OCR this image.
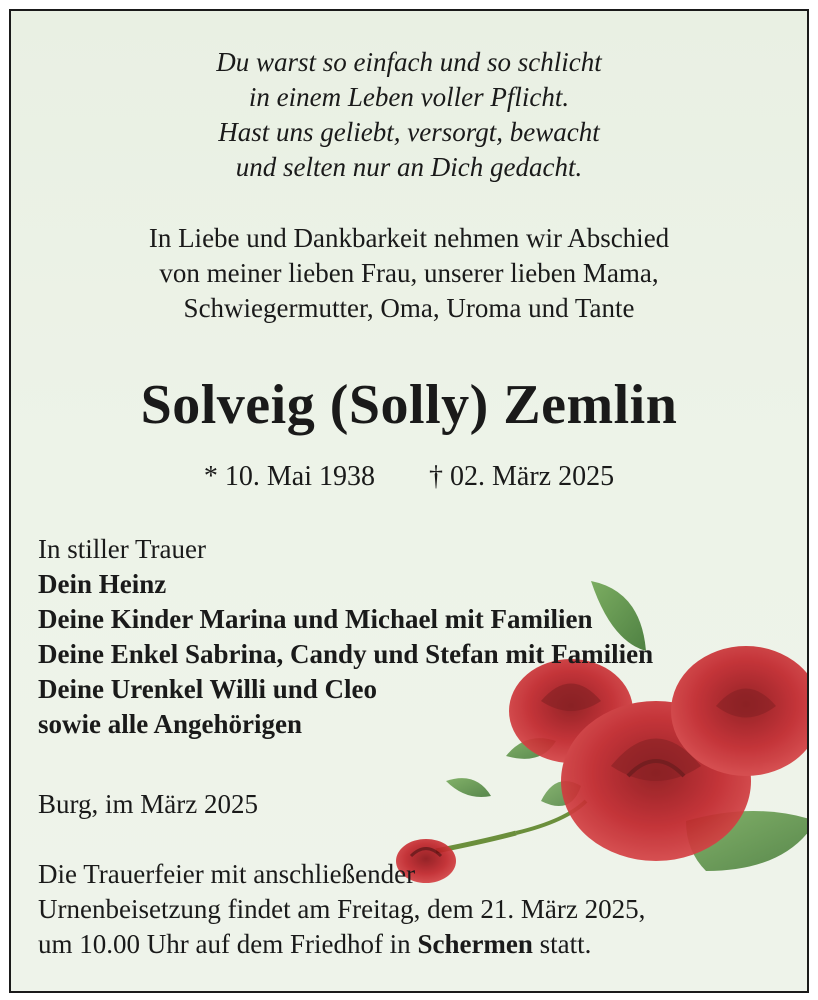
Du warst so einfach und so schlicht
in einem Leben voller Pflicht.
Hast uns geliebt, versorgt, bewacht
und selten nur an Dich gedacht.
In Liebe und Dankbarkeit nehmen wir Abschied
von meiner lieben Frau, unserer lieben Mama,
Schwiegermutter, Oma, Uroma und Tante
Solveig (Solly) Zemlin
* 10. Mai 1938 † 02. März 2025
In stiller Trauer
Dein Heinz
Deine Kinder Marina und Michael mit Familien
Deine Enkel Sabrina, Candy und Stefan mit Familien
Deine Urenkel Willi und Cleo
sowie alle Angehörigen
Burg, im März 2025
Die Trauerfeier mit anschließender
Urnenbeisetzung findet am Freitag, dem 21. März 2025,
um 10.00 Uhr auf dem Friedhof in Schermen statt.
